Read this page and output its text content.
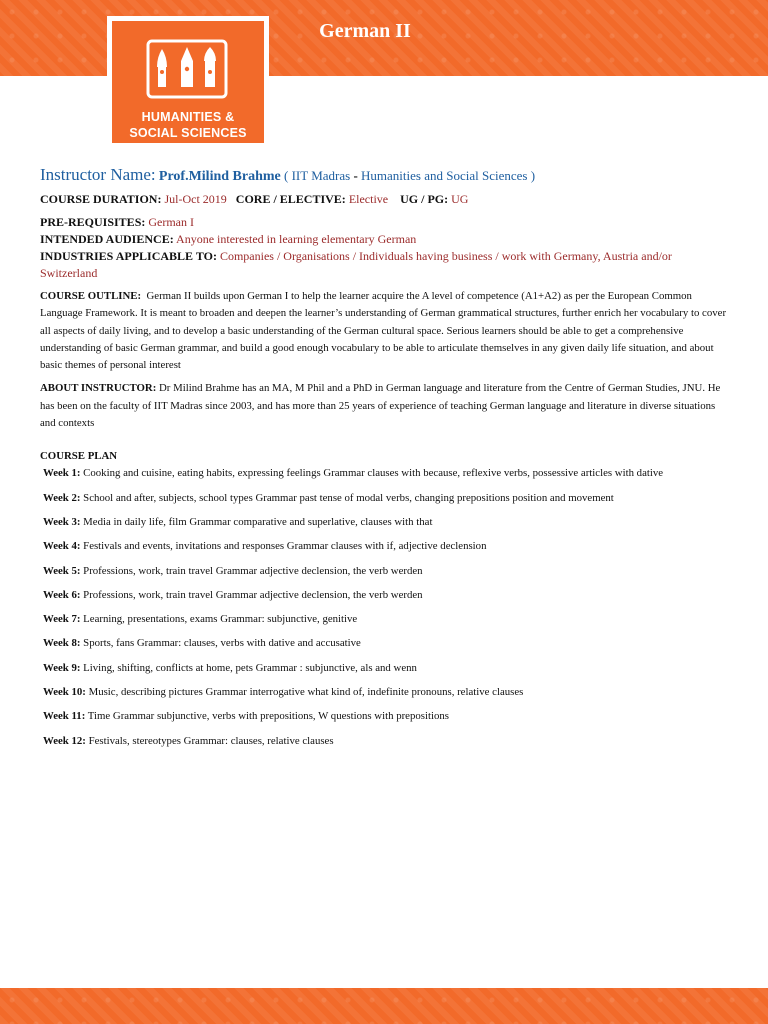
German II
HUMANITIES &
SOCIAL SCIENCES
Instructor Name: Prof.Milind Brahme ( IIT Madras - Humanities and Social Sciences )
COURSE DURATION: Jul-Oct 2019 CORE / ELECTIVE: Elective UG / PG: UG
PRE-REQUISITES: German I
INTENDED AUDIENCE: Anyone interested in learning elementary German
INDUSTRIES APPLICABLE TO: Companies / Organisations / Individuals having business / work with Germany, Austria and/or Switzerland
COURSE OUTLINE: German II builds upon German I to help the learner acquire the A level of competence (A1+A2) as per the European Common Language Framework. It is meant to broaden and deepen the learner’s understanding of German grammatical structures, further enrich her vocabulary to cover all aspects of daily living, and to develop a basic understanding of the German cultural space. Serious learners should be able to get a comprehensive understanding of basic German grammar, and build a good enough vocabulary to be able to articulate themselves in any given daily life situation, and about basic themes of personal interest
ABOUT INSTRUCTOR: Dr Milind Brahme has an MA, M Phil and a PhD in German language and literature from the Centre of German Studies, JNU. He has been on the faculty of IIT Madras since 2003, and has more than 25 years of experience of teaching German language and literature in diverse situations and contexts
COURSE PLAN
Week 1: Cooking and cuisine, eating habits, expressing feelings Grammar clauses with because, reflexive verbs, possessive articles with dative
Week 2: School and after, subjects, school types Grammar past tense of modal verbs, changing prepositions position and movement
Week 3: Media in daily life, film Grammar comparative and superlative, clauses with that
Week 4: Festivals and events, invitations and responses Grammar clauses with if, adjective declension
Week 5: Professions, work, train travel Grammar adjective declension, the verb werden
Week 6: Professions, work, train travel Grammar adjective declension, the verb werden
Week 7: Learning, presentations, exams Grammar: subjunctive, genitive
Week 8: Sports, fans Grammar: clauses, verbs with dative and accusative
Week 9: Living, shifting, conflicts at home, pets Grammar : subjunctive, als and wenn
Week 10: Music, describing pictures Grammar interrogative what kind of, indefinite pronouns, relative clauses
Week 11: Time Grammar subjunctive, verbs with prepositions, W questions with prepositions
Week 12: Festivals, stereotypes Grammar: clauses, relative clauses
